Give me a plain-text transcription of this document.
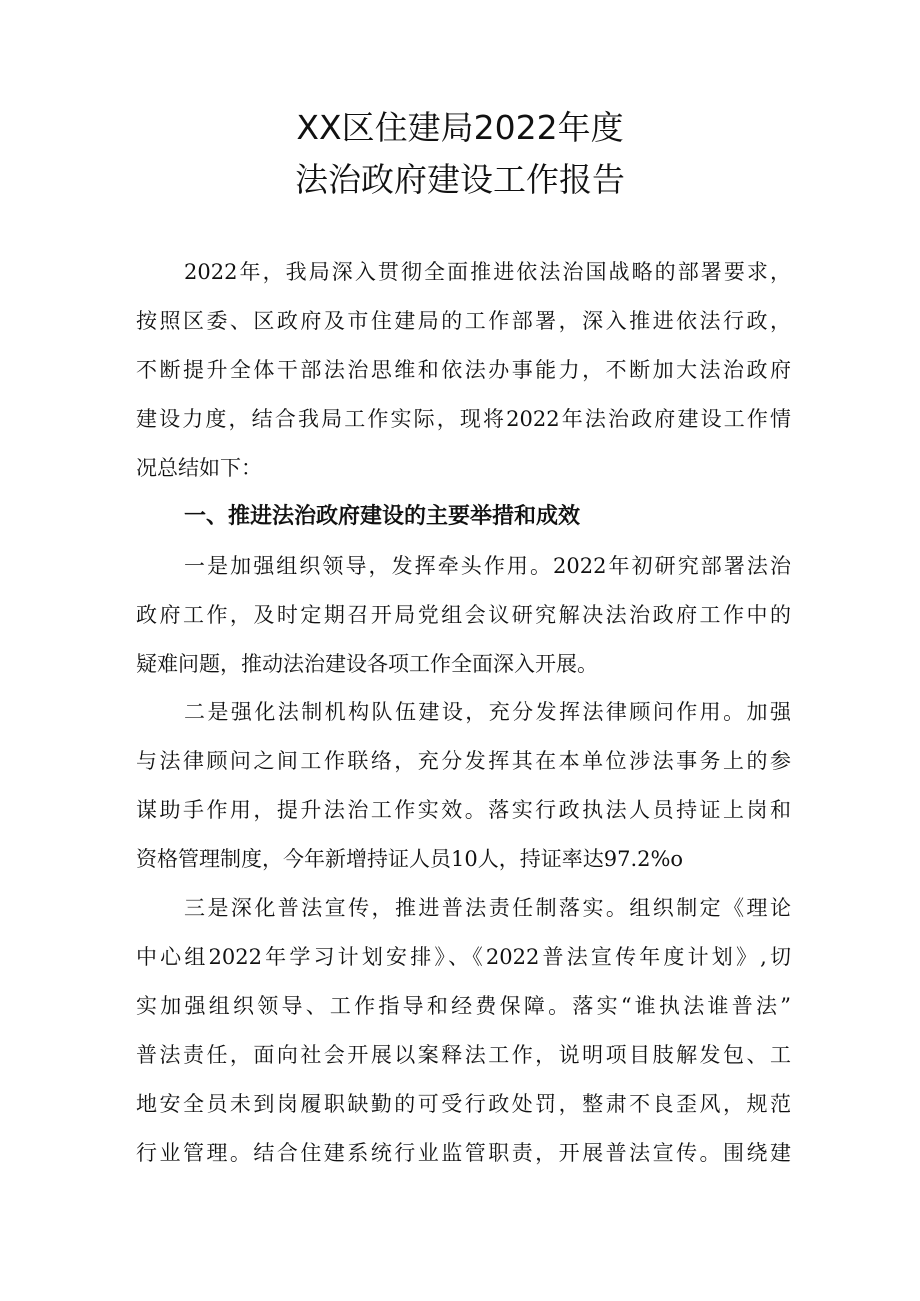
XX区住建局2022年度
法治政府建设工作报告
2022年，我局深入贯彻全面推进依法治国战略的部署要求，
按照区委、区政府及市住建局的工作部署，深入推进依法行政，
不断提升全体干部法治思维和依法办事能力，不断加大法治政府
建设力度，结合我局工作实际，现将2022年法治政府建设工作情
况总结如下：
一、推进法治政府建设的主要举措和成效
一是加强组织领导，发挥牵头作用。2022年初研究部署法治
政府工作，及时定期召开局党组会议研究解决法治政府工作中的
疑难问题，推动法治建设各项工作全面深入开展。
二是强化法制机构队伍建设，充分发挥法律顾问作用。加强
与法律顾问之间工作联络，充分发挥其在本单位涉法事务上的参
谋助手作用，提升法治工作实效。落实行政执法人员持证上岗和
资格管理制度，今年新增持证人员10人，持证率达97.2%o
三是深化普法宣传，推进普法责任制落实。组织制定《理论
中心组2022年学习计划安排》、《2022普法宣传年度计划》,切
实加强组织领导、工作指导和经费保障。落实“谁执法谁普法”
普法责任，面向社会开展以案释法工作，说明项目肢解发包、工
地安全员未到岗履职缺勤的可受行政处罚，整肃不良歪风，规范
行业管理。结合住建系统行业监管职责，开展普法宣传。围绕建
